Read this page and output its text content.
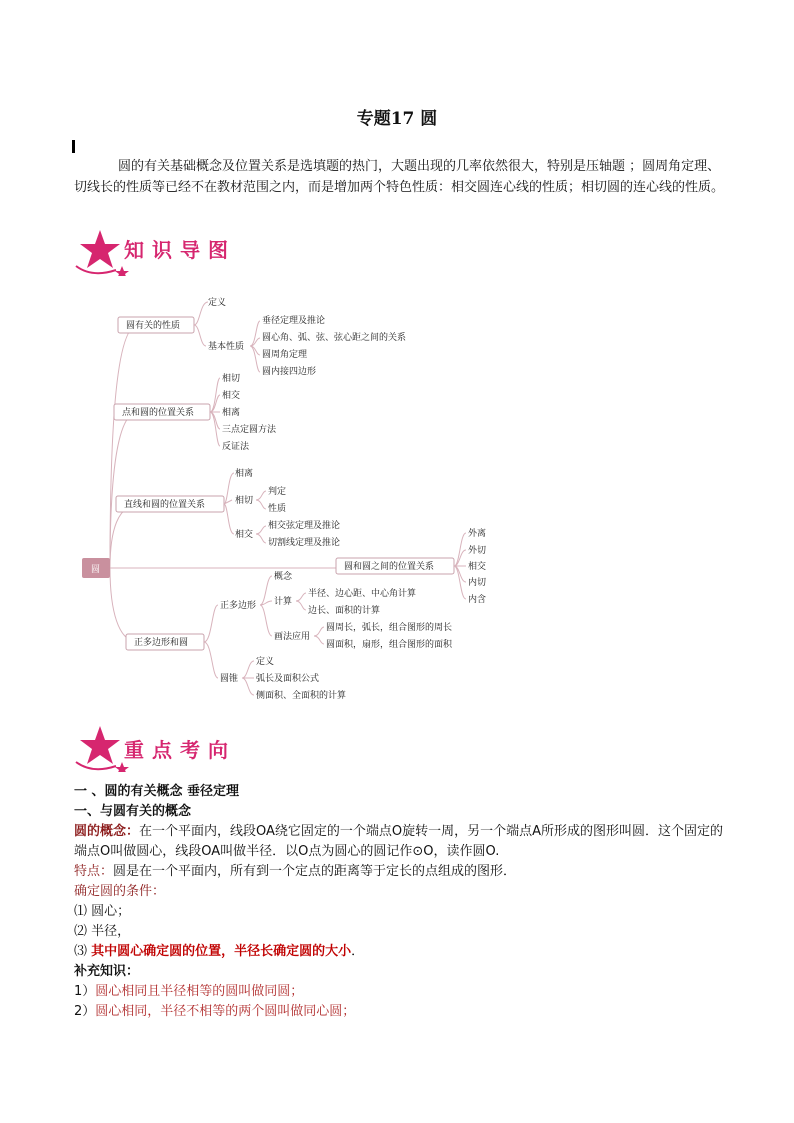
专题17 圆
圆的有关基础概念及位置关系是选填题的热门，大题出现的几率依然很大，特别是压轴题 ；圆周角定理、切线长的性质等已经不在教材范围之内，而是增加两个特色性质：相交圆连心线的性质；相切圆的连心线的性质。
知识导图
圆有关的性质
定义
基本性质
垂径定理及推论
圆心角、弧、弦、弦心距之间的关系
圆周角定理
圆内接四边形
点和圆的位置关系
相切
相交
相离
三点定圆方法
反证法
直线和圆的位置关系
相离
相切
判定
性质
相交
相交弦定理及推论
切割线定理及推论
圆	圆和圆之间的位置关系
外离
外切
相交
内切
内含
正多边形和圆
正多边形
概念
计算
半径、边心距、中心角计算
边长、面积的计算
画法应用
圆周长，弧长，组合图形的周长
圆面积，扇形，组合图形的面积
圆锥
定义
弧长及面积公式
侧面积、全面积的计算
重点考向
一 、圆的有关概念 垂径定理
一、与圆有关的概念
圆的概念：在一个平面内，线段OA绕它固定的一个端点O旋转一周，另一个端点A所形成的图形叫圆．这个固定的端点O叫做圆心，线段OA叫做半径．以O点为圆心的圆记作⊙O，读作圆O.
特点：圆是在一个平面内，所有到一个定点的距离等于定长的点组成的图形．
确定圆的条件：
⑴ 圆心；
⑵ 半径，
⑶ 其中圆心确定圆的位置，半径长确定圆的大小．
补充知识：
1）圆心相同且半径相等的圆叫做同圆；
2）圆心相同，半径不相等的两个圆叫做同心圆；
